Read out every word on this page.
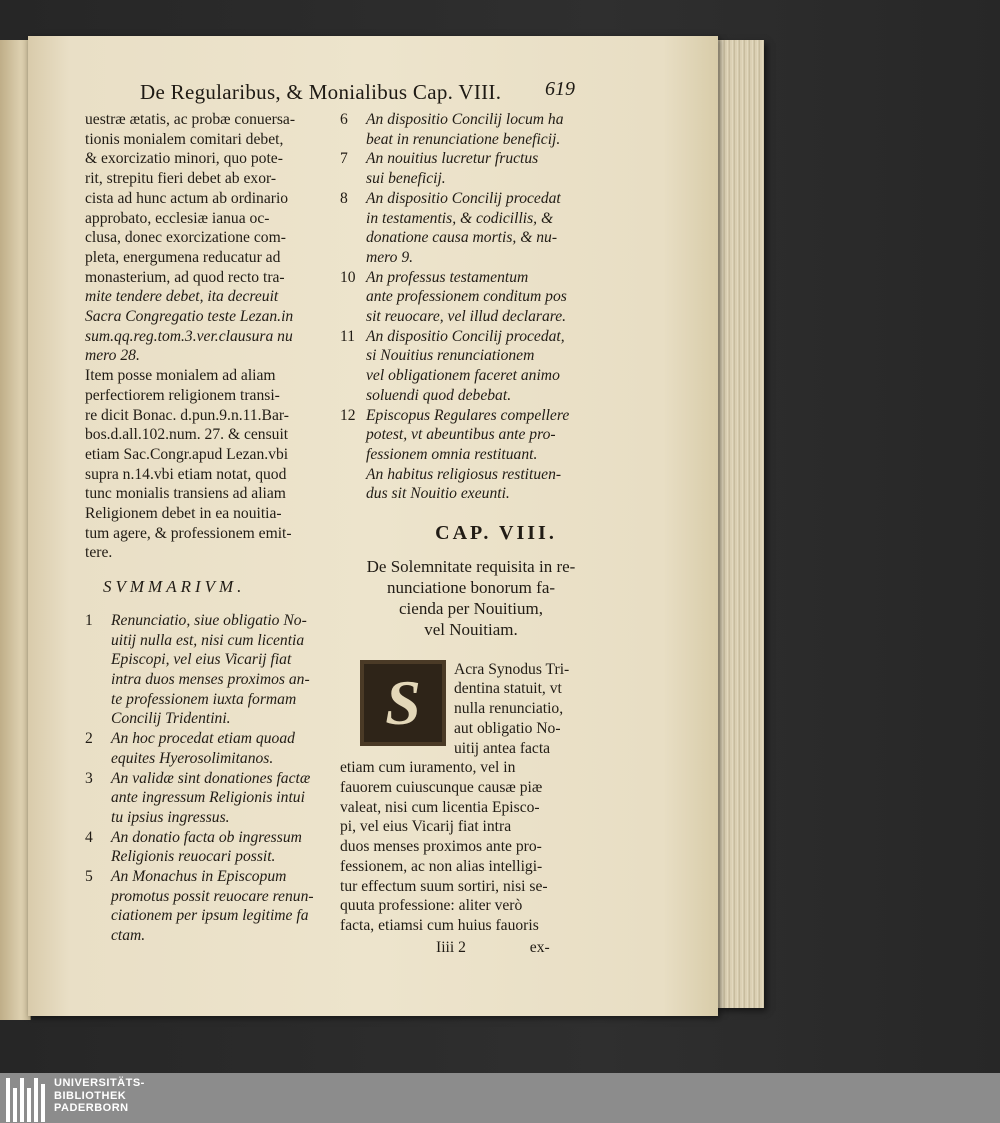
De Regularibus, & Monialibus Cap. VIII. 619
uestræ ætatis, ac probæ conuersa-
tionis monialem comitari debet,
& exorcizatio minori, quo pote-
rit, strepitu fieri debet ab exor-
cista ad hunc actum ab ordinario
approbato, ecclesiæ ianua oc-
clusa, donec exorcizatione com-
pleta, energumena reducatur ad
monasterium, ad quod recto tra-
mite tendere debet, ita decreuit
Sacra Congregatio teste Lezan.in
sum.qq.reg.tom.3.ver.clausura nu
mero 28.
Item posse monialem ad aliam
perfectiorem religionem transi-
re dicit Bonac. d.pun.9.n.11.Bar-
bos.d.all.102.num. 27. & censuit
etiam Sac.Congr.apud Lezan.vbi
supra n.14.vbi etiam notat, quod
tunc monialis transiens ad aliam
Religionem debet in ea nouitia-
tum agere, & professionem emit-
tere.
SVMMARIVM.
1	Renunciatio, siue obligatio No-
uitij nulla est, nisi cum licentia
Episcopi, vel eius Vicarij fiat
intra duos menses proximos an-
te professionem iuxta formam
Concilij Tridentini.
2	An hoc procedat etiam quoad
equites Hyerosolimitanos.
3	An validæ sint donationes factæ
ante ingressum Religionis intui
tu ipsius ingressus.
4	An donatio facta ob ingressum
Religionis reuocari possit.
5	An Monachus in Episcopum
promotus possit reuocare renun-
ciationem per ipsum legitime fa
ctam.
6	An dispositio Concilij locum ha
beat in renunciatione beneficij.
7	An nouitius lucretur fructus
sui beneficij.
8	An dispositio Concilij procedat
in testamentis, & codicillis, &
donatione causa mortis, & nu-
mero 9.
10 An professus testamentum
ante professionem conditum pos
sit reuocare, vel illud declarare.
11 An dispositio Concilij procedat,
si Nouitius renunciationem
vel obligationem faceret animo
soluendi quod debebat.
12 Episcopus Regulares compellere
potest, vt abeuntibus ante pro-
fessionem omnia restituant.
An habitus religiosus restituen-
dus sit Nouitio exeunti.
CAP. VIII.
De Solemnitate requisita in re-
nunciatione bonorum fa-
cienda per Nouitium,
vel Nouitiam.
S	Acra Synodus Tri-
dentina statuit, vt
nulla renunciatio,
aut obligatio No-
uitij antea facta
etiam cum iuramento, vel in
fauorem cuiuscunque causæ piæ
valeat, nisi cum licentia Episco-
pi, vel eius Vicarij fiat intra
duos menses proximos ante pro-
fessionem, ac non alias intelligi-
tur effectum suum sortiri, nisi se-
quuta professione: aliter verò
facta, etiamsi cum huius fauoris
Iiii 2	ex-
UNIVERSITÄTS-
BIBLIOTHEK
PADERBORN
